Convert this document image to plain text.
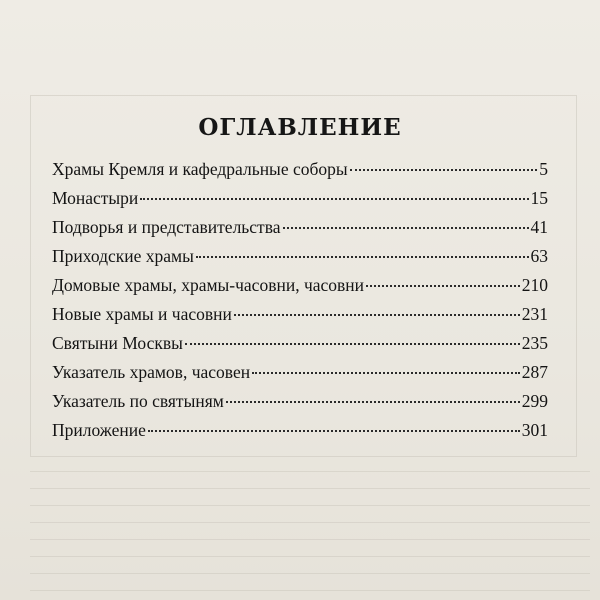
ОГЛАВЛЕНИЕ
Храмы Кремля и кафедральные соборы	5
Монастыри	15
Подворья и представительства	41
Приходские храмы	63
Домовые храмы, храмы-часовни, часовни	210
Новые храмы и часовни	231
Святыни Москвы	235
Указатель храмов, часовен	287
Указатель по святыням	299
Приложение	301
